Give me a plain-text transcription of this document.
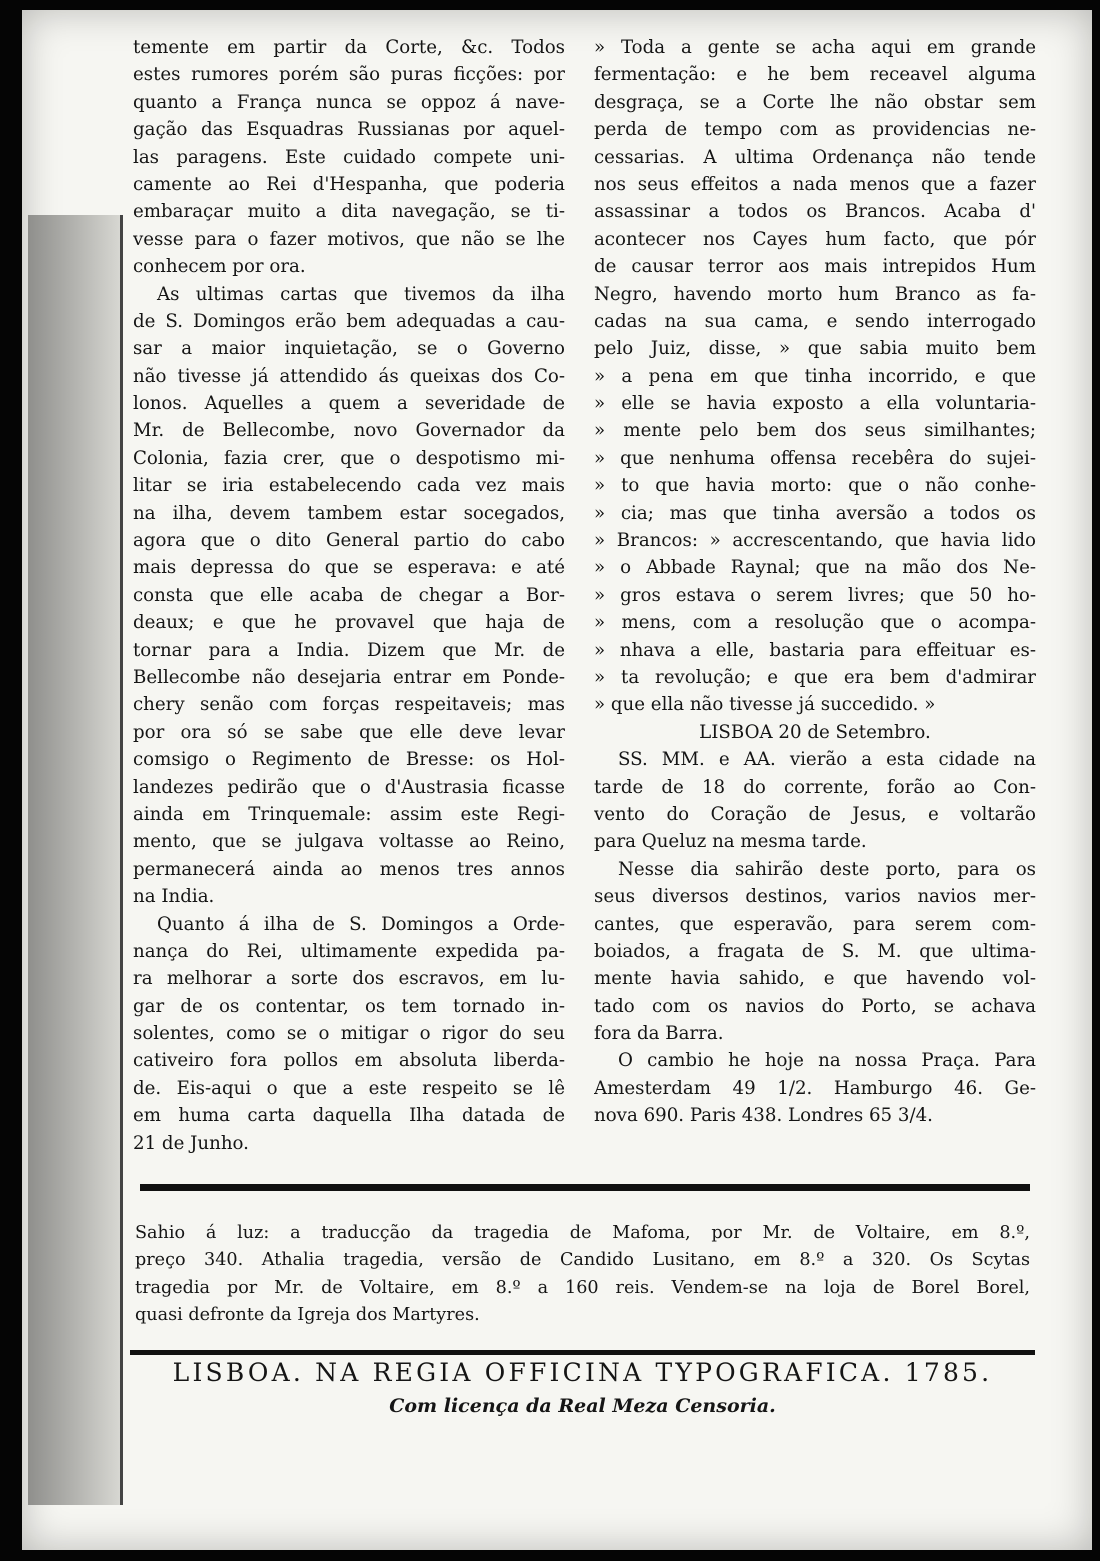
temente em partir da Corte, &c. Todos
estes rumores porém são puras ficções: por
quanto a França nunca se oppoz á nave-
gação das Esquadras Russianas por aquel-
las paragens. Este cuidado compete uni-
camente ao Rei d'Hespanha, que poderia
embaraçar muito a dita navegação, se ti-
vesse para o fazer motivos, que não se lhe
conhecem por ora.
As ultimas cartas que tivemos da ilha
de S. Domingos erão bem adequadas a cau-
sar a maior inquietação, se o Governo
não tivesse já attendido ás queixas dos Co-
lonos. Aquelles a quem a severidade de
Mr. de Bellecombe, novo Governador da
Colonia, fazia crer, que o despotismo mi-
litar se iria estabelecendo cada vez mais
na ilha, devem tambem estar socegados,
agora que o dito General partio do cabo
mais depressa do que se esperava: e até
consta que elle acaba de chegar a Bor-
deaux; e que he provavel que haja de
tornar para a India. Dizem que Mr. de
Bellecombe não desejaria entrar em Ponde-
chery senão com forças respeitaveis; mas
por ora só se sabe que elle deve levar
comsigo o Regimento de Bresse: os Hol-
landezes pedirão que o d'Austrasia ficasse
ainda em Trinquemale: assim este Regi-
mento, que se julgava voltasse ao Reino,
permanecerá ainda ao menos tres annos
na India.
Quanto á ilha de S. Domingos a Orde-
nança do Rei, ultimamente expedida pa-
ra melhorar a sorte dos escravos, em lu-
gar de os contentar, os tem tornado in-
solentes, como se o mitigar o rigor do seu
cativeiro fora pollos em absoluta liberda-
de. Eis-aqui o que a este respeito se lê
em huma carta daquella Ilha datada de
21 de Junho.
» Toda a gente se acha aqui em grande
fermentação: e he bem receavel alguma
desgraça, se a Corte lhe não obstar sem
perda de tempo com as providencias ne-
cessarias. A ultima Ordenança não tende
nos seus effeitos a nada menos que a fazer
assassinar a todos os Brancos. Acaba d'
acontecer nos Cayes hum facto, que pór
de causar terror aos mais intrepidos Hum
Negro, havendo morto hum Branco as fa-
cadas na sua cama, e sendo interrogado
pelo Juiz, disse, » que sabia muito bem
» a pena em que tinha incorrido, e que
» elle se havia exposto a ella voluntaria-
» mente pelo bem dos seus similhantes;
» que nenhuma offensa recebêra do sujei-
» to que havia morto: que o não conhe-
» cia; mas que tinha aversão a todos os
» Brancos: » accrescentando, que havia lido
» o Abbade Raynal; que na mão dos Ne-
» gros estava o serem livres; que 50 ho-
» mens, com a resolução que o acompa-
» nhava a elle, bastaria para effeituar es-
» ta revolução; e que era bem d'admirar
» que ella não tivesse já succedido. »
LISBOA 20 de Setembro.
SS. MM. e AA. vierão a esta cidade na
tarde de 18 do corrente, forão ao Con-
vento do Coração de Jesus, e voltarão
para Queluz na mesma tarde.
Nesse dia sahirão deste porto, para os
seus diversos destinos, varios navios mer-
cantes, que esperavão, para serem com-
boiados, a fragata de S. M. que ultima-
mente havia sahido, e que havendo vol-
tado com os navios do Porto, se achava
fora da Barra.
O cambio he hoje na nossa Praça. Para
Amesterdam 49 1/2. Hamburgo 46. Ge-
nova 690. Paris 438. Londres 65 3/4.
Sahio á luz: a traducção da tragedia de Mafoma, por Mr. de Voltaire, em 8.º,
preço 340. Athalia tragedia, versão de Candido Lusitano, em 8.º a 320. Os Scytas
tragedia por Mr. de Voltaire, em 8.º a 160 reis. Vendem-se na loja de Borel Borel,
quasi defronte da Igreja dos Martyres.
LISBOA. NA REGIA OFFICINA TYPOGRAFICA. 1785.
Com licença da Real Meza Censoria.
